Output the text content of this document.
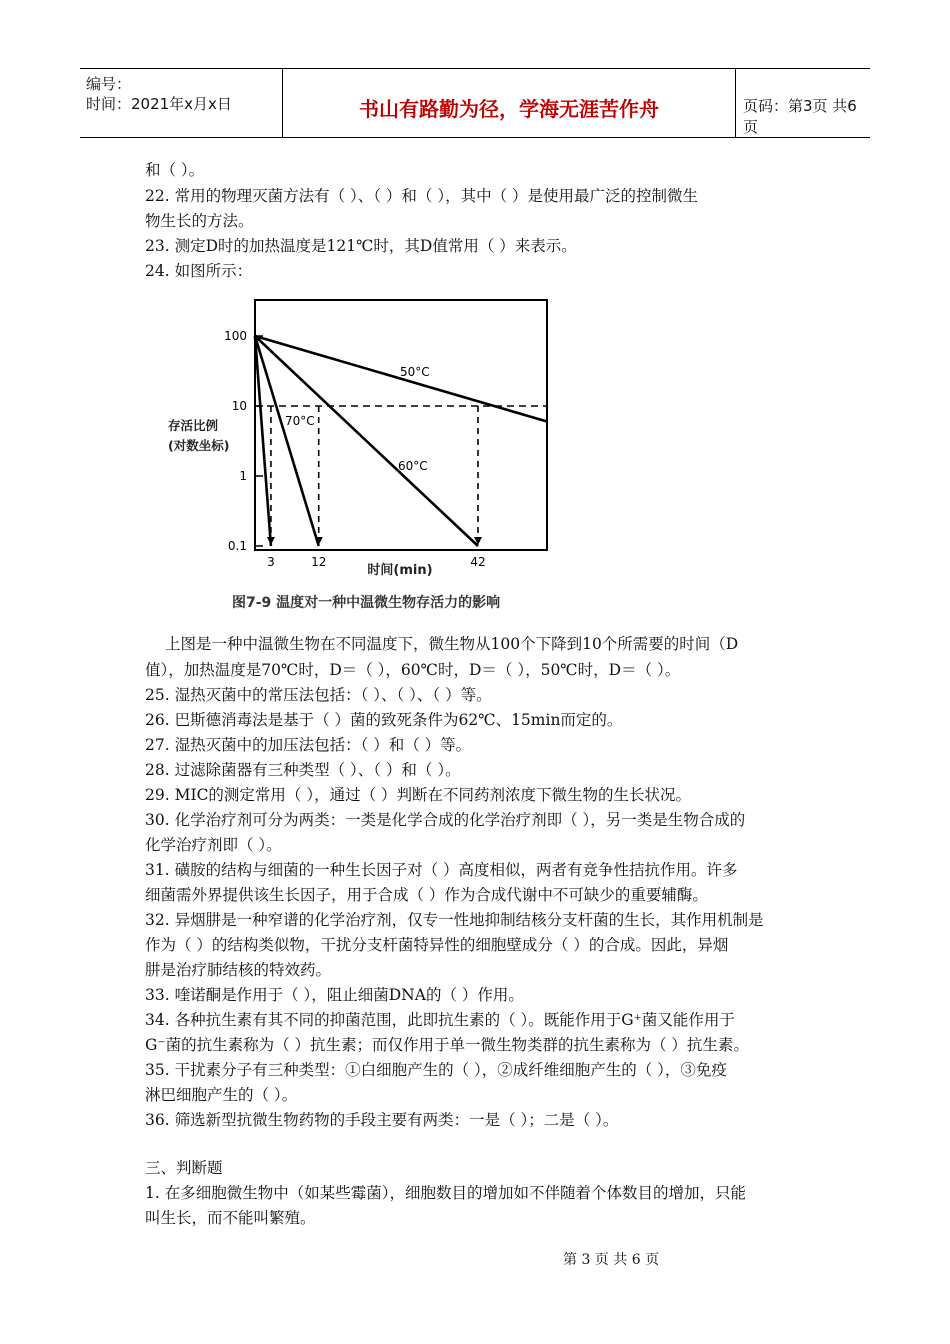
编号：
时间：2021年x月x日	书山有路勤为径，学海无涯苦作舟	页码：第3页 共6页
和（ ）。
22. 常用的物理灭菌方法有（ ）、（ ）和（ ），其中（ ）是使用最广泛的控制微生
物生长的方法。
23. 测定D时的加热温度是121℃时，其D值常用（ ）来表示。
24. 如图所示：
100
10
1
0.1
3	12	42
50°C
60°C
70°C
存活比例
(对数坐标)
时间(min)
图7-9 温度对一种中温微生物存活力的影响
上图是一种中温微生物在不同温度下，微生物从100个下降到10个所需要的时间（D
值），加热温度是70℃时，D＝（ ），60℃时，D＝（ ），50℃时，D＝（ ）。
25. 湿热灭菌中的常压法包括：（ ）、（ ）、（ ）等。
26. 巴斯德消毒法是基于（ ）菌的致死条件为62℃、15min而定的。
27. 湿热灭菌中的加压法包括：（ ）和（ ）等。
28. 过滤除菌器有三种类型（ ）、（ ）和（ ）。
29. MIC的测定常用（ ），通过（ ）判断在不同药剂浓度下微生物的生长状况。
30. 化学治疗剂可分为两类：一类是化学合成的化学治疗剂即（ ），另一类是生物合成的
化学治疗剂即（ ）。
31. 磺胺的结构与细菌的一种生长因子对（ ）高度相似，两者有竞争性拮抗作用。许多
细菌需外界提供该生长因子，用于合成（ ）作为合成代谢中不可缺少的重要辅酶。
32. 异烟肼是一种窄谱的化学治疗剂，仅专一性地抑制结核分支杆菌的生长，其作用机制是
作为（ ）的结构类似物，干扰分支杆菌特异性的细胞壁成分（ ）的合成。因此，异烟
肼是治疗肺结核的特效药。
33. 喹诺酮是作用于（ ），阻止细菌DNA的（ ）作用。
34. 各种抗生素有其不同的抑菌范围，此即抗生素的（ ）。既能作用于G⁺菌又能作用于
G⁻菌的抗生素称为（ ）抗生素；而仅作用于单一微生物类群的抗生素称为（ ）抗生素。
35. 干扰素分子有三种类型：①白细胞产生的（ ），②成纤维细胞产生的（ ），③免疫
淋巴细胞产生的（ ）。
36. 筛选新型抗微生物药物的手段主要有两类：一是（ ）；二是（ ）。
三、判断题
1. 在多细胞微生物中（如某些霉菌），细胞数目的增加如不伴随着个体数目的增加，只能
叫生长，而不能叫繁殖。
第 3 页 共 6 页
